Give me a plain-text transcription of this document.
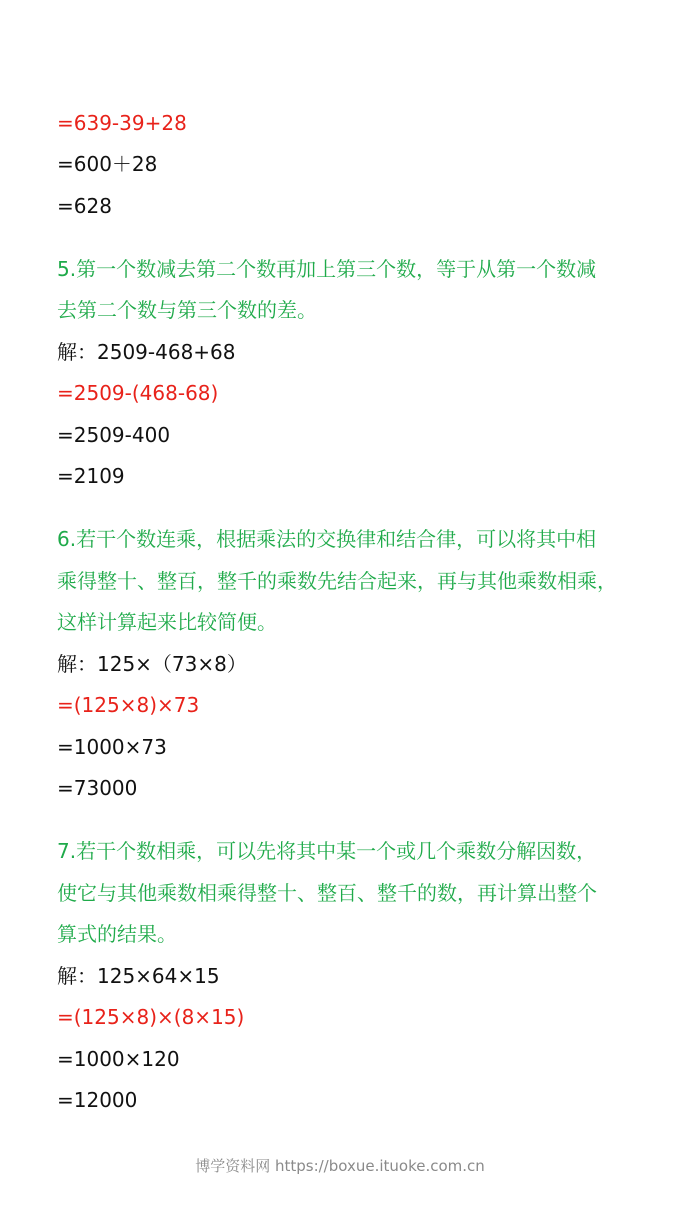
=639-39+28
=600＋28
=628
5.第一个数减去第二个数再加上第三个数，等于从第一个数减
去第二个数与第三个数的差。
解：2509-468+68
=2509-(468-68)
=2509-400
=2109
6.若干个数连乘，根据乘法的交换律和结合律，可以将其中相
乘得整十、整百，整千的乘数先结合起来，再与其他乘数相乘，
这样计算起来比较简便。
解：125×（73×8）
=(125×8)×73
=1000×73
=73000
7.若干个数相乘，可以先将其中某一个或几个乘数分解因数，
使它与其他乘数相乘得整十、整百、整千的数，再计算出整个
算式的结果。
解：125×64×15
=(125×8)×(8×15)
=1000×120
=12000
博学资料网 https://boxue.ituoke.com.cn
